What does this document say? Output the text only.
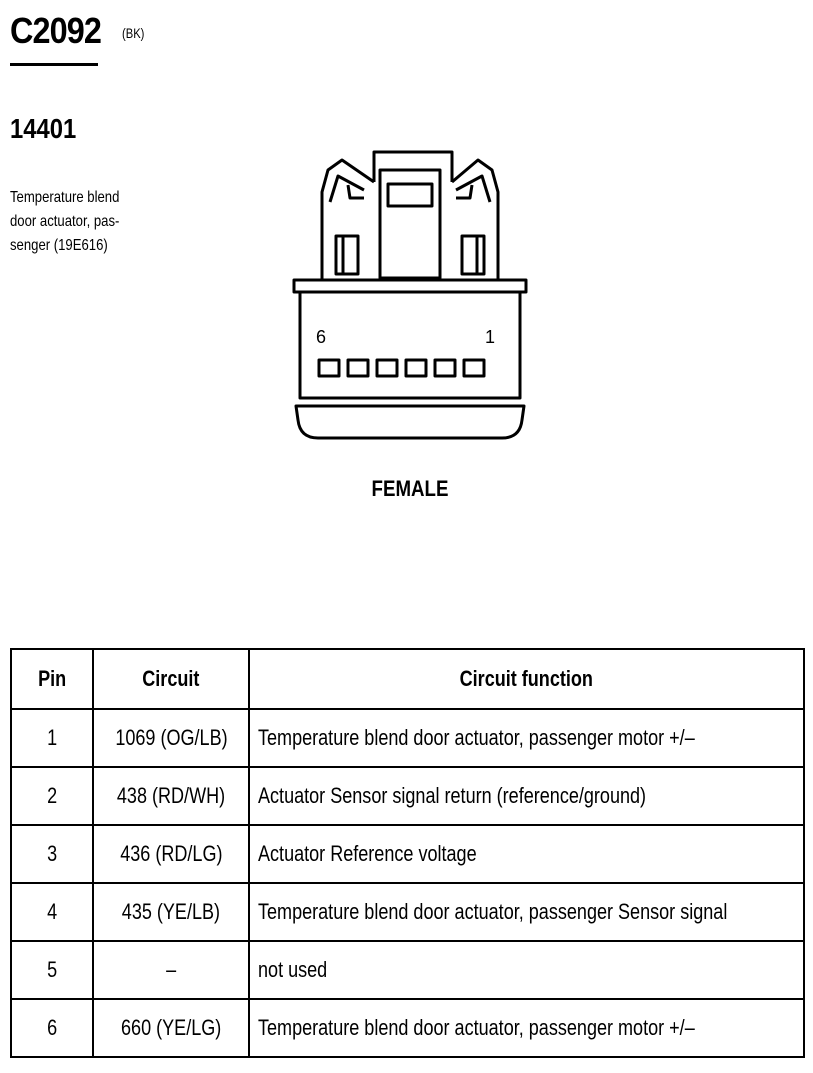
C2092 (BK)
14401
Temperature blend
door actuator, pas-
senger (19E616)
6	1
FEMALE
Pin	Circuit	Circuit function
1	1069 (OG/LB)	Temperature blend door actuator, passenger motor +/–
2	438 (RD/WH)	Actuator Sensor signal return (reference/ground)
3	436 (RD/LG)	Actuator Reference voltage
4	435 (YE/LB)	Temperature blend door actuator, passenger Sensor signal
5	–	not used
6	660 (YE/LG)	Temperature blend door actuator, passenger motor +/–
